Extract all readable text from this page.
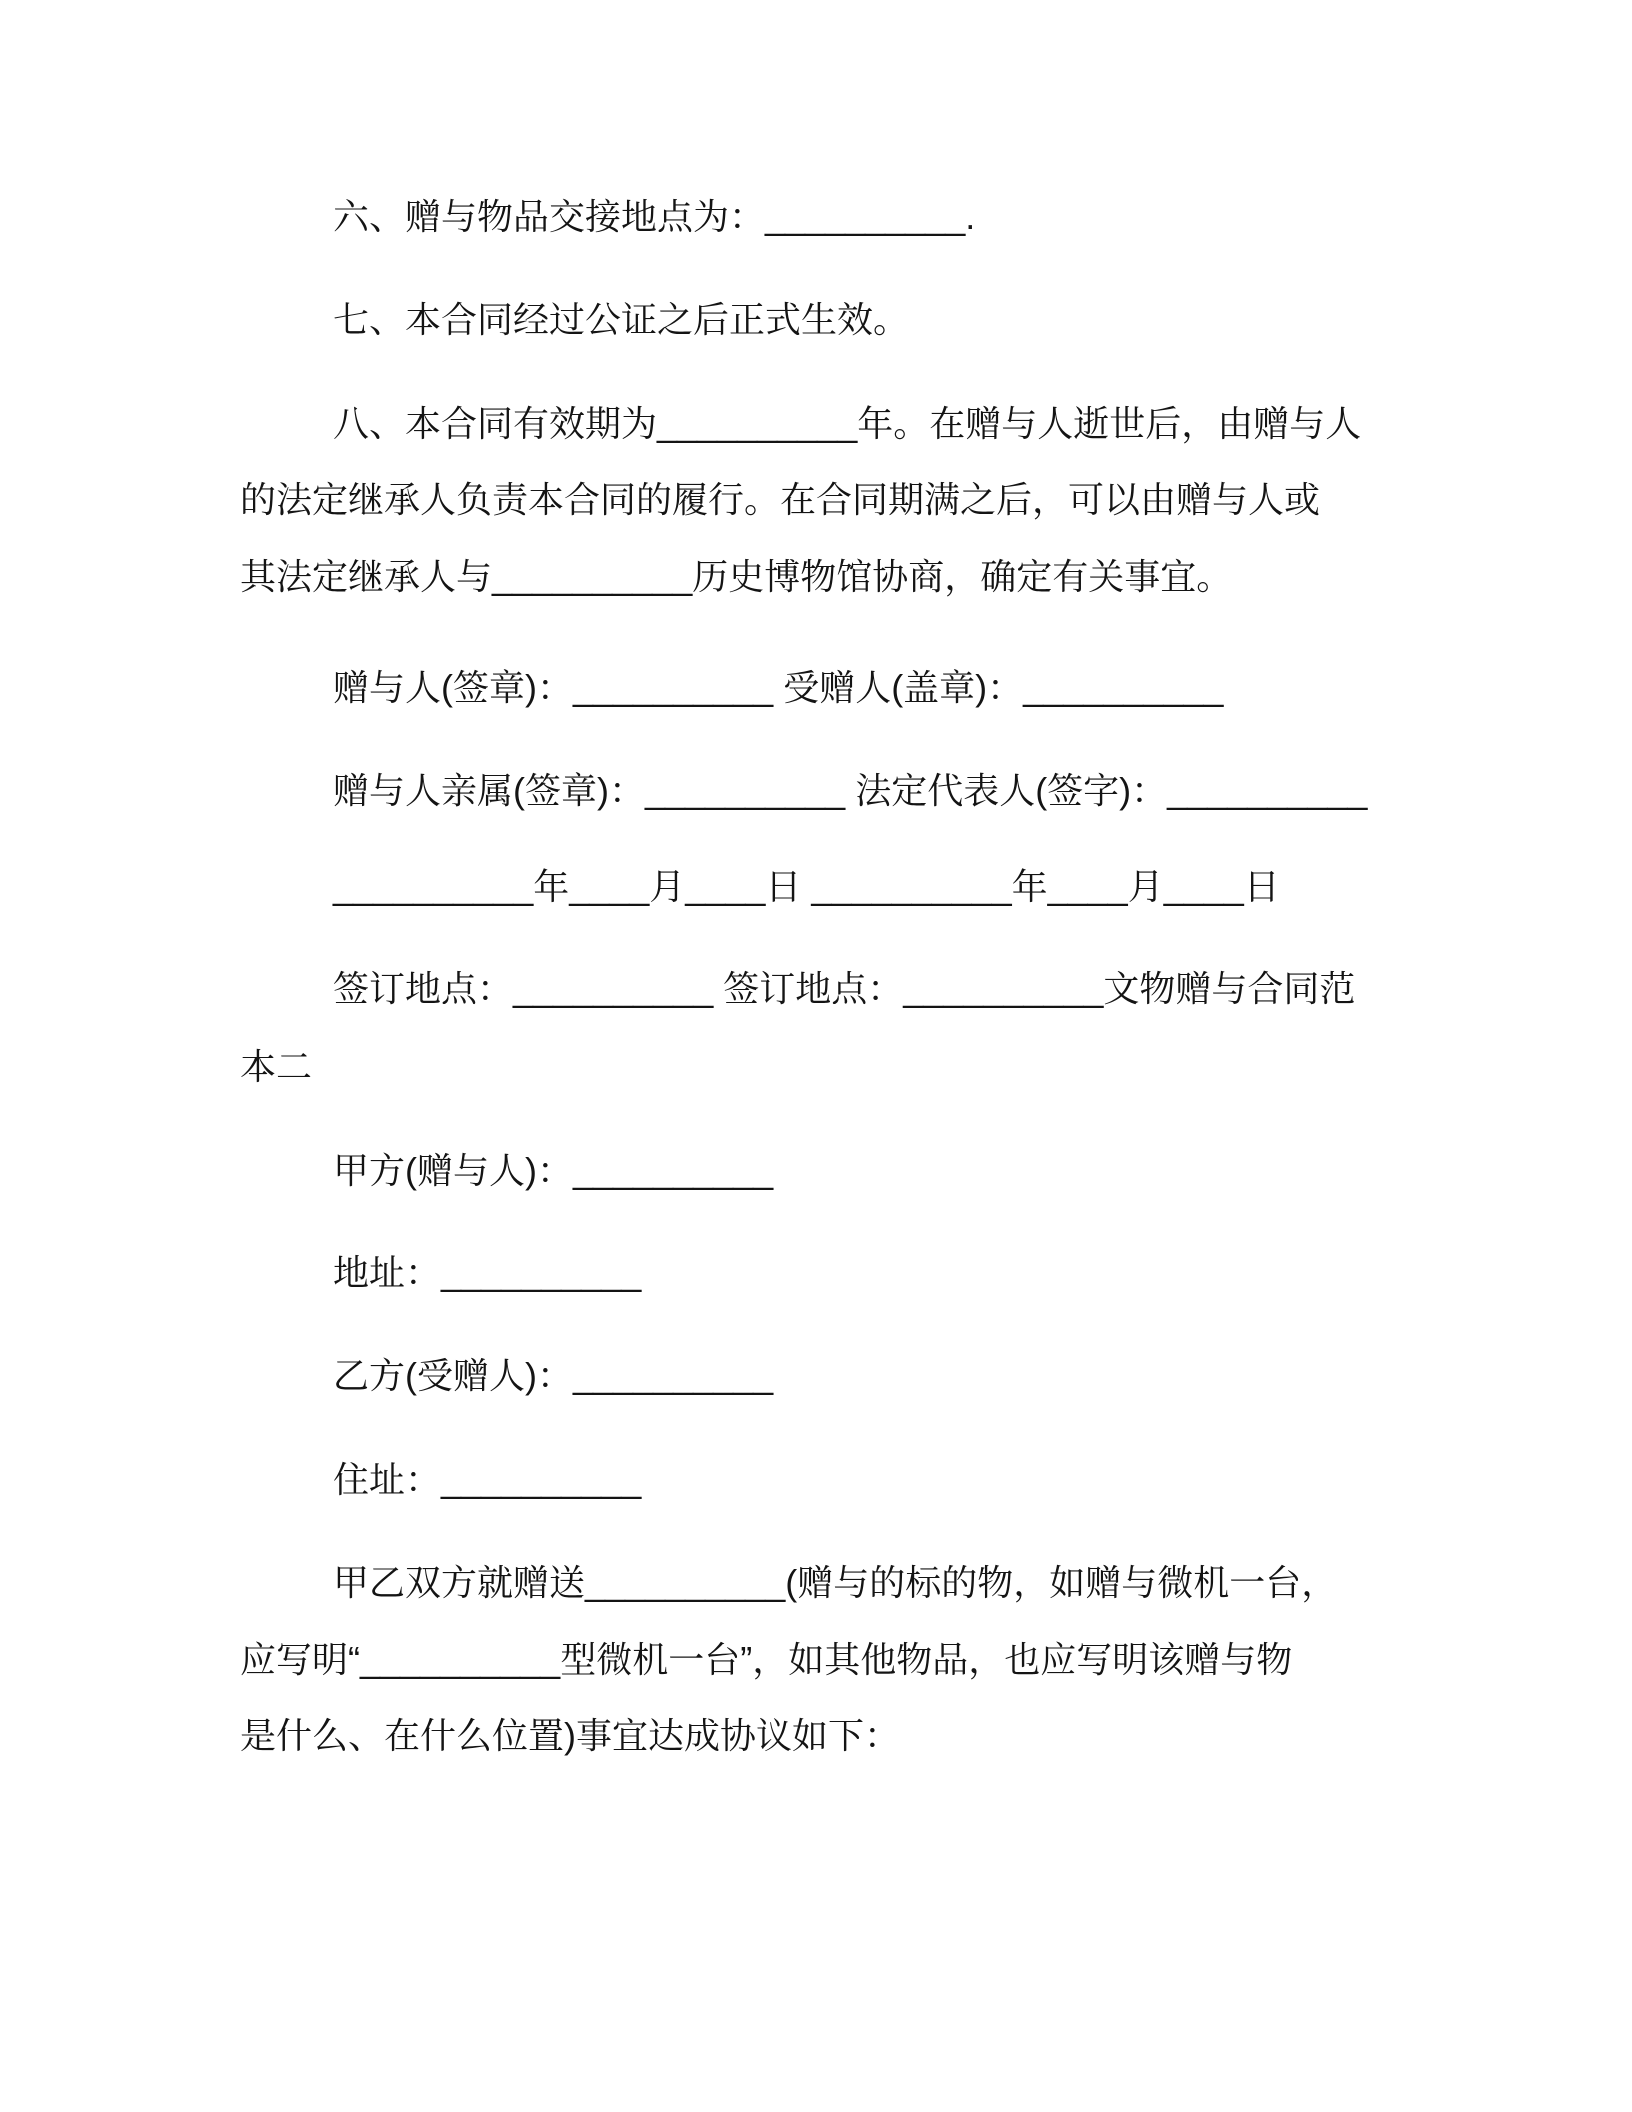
六、赠与物品交接地点为：__________.
七、本合同经过公证之后正式生效。
八、本合同有效期为__________年。在赠与人逝世后，由赠与人
的法定继承人负责本合同的履行。在合同期满之后，可以由赠与人或
其法定继承人与__________历史博物馆协商，确定有关事宜。
赠与人(签章)：__________ 受赠人(盖章)：__________
赠与人亲属(签章)：__________ 法定代表人(签字)：__________
__________年____月____日 __________年____月____日
签订地点：__________ 签订地点：__________文物赠与合同范
本二
甲方(赠与人)：__________
地址：__________
乙方(受赠人)：__________
住址：__________
甲乙双方就赠送__________(赠与的标的物，如赠与微机一台，
应写明“__________型微机一台”，如其他物品，也应写明该赠与物
是什么、在什么位置)事宜达成协议如下：
